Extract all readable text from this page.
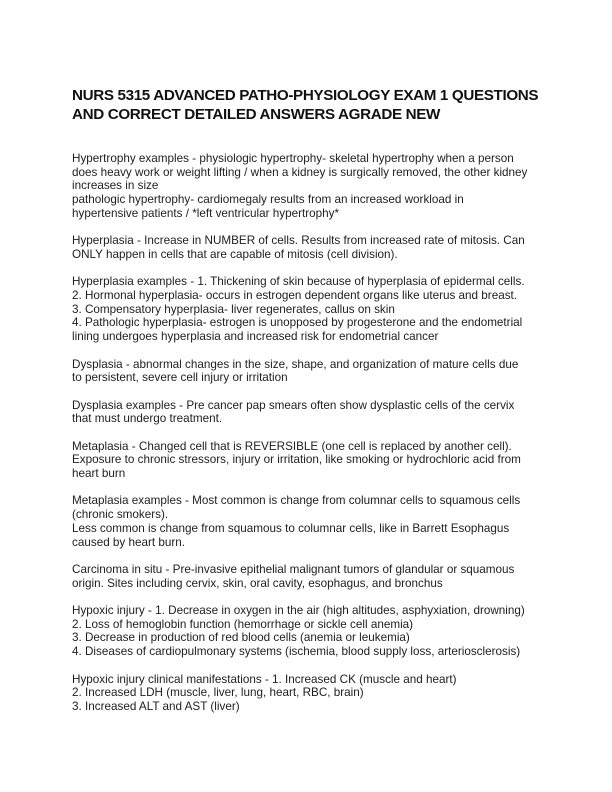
NURS 5315 ADVANCED PATHO-PHYSIOLOGY EXAM 1 QUESTIONS
AND CORRECT DETAILED ANSWERS AGRADE NEW

Hypertrophy examples - physiologic hypertrophy- skeletal hypertrophy when a person
does heavy work or weight lifting / when a kidney is surgically removed, the other kidney
increases in size
pathologic hypertrophy- cardiomegaly results from an increased workload in
hypertensive patients / *left ventricular hypertrophy*

Hyperplasia - Increase in NUMBER of cells. Results from increased rate of mitosis. Can
ONLY happen in cells that are capable of mitosis (cell division).

Hyperplasia examples - 1. Thickening of skin because of hyperplasia of epidermal cells.
2. Hormonal hyperplasia- occurs in estrogen dependent organs like uterus and breast.
3. Compensatory hyperplasia- liver regenerates, callus on skin
4. Pathologic hyperplasia- estrogen is unopposed by progesterone and the endometrial
lining undergoes hyperplasia and increased risk for endometrial cancer

Dysplasia - abnormal changes in the size, shape, and organization of mature cells due
to persistent, severe cell injury or irritation

Dysplasia examples - Pre cancer pap smears often show dysplastic cells of the cervix
that must undergo treatment.

Metaplasia - Changed cell that is REVERSIBLE (one cell is replaced by another cell).
Exposure to chronic stressors, injury or irritation, like smoking or hydrochloric acid from
heart burn

Metaplasia examples - Most common is change from columnar cells to squamous cells
(chronic smokers).
Less common is change from squamous to columnar cells, like in Barrett Esophagus
caused by heart burn.

Carcinoma in situ - Pre-invasive epithelial malignant tumors of glandular or squamous
origin. Sites including cervix, skin, oral cavity, esophagus, and bronchus

Hypoxic injury - 1. Decrease in oxygen in the air (high altitudes, asphyxiation, drowning)
2. Loss of hemoglobin function (hemorrhage or sickle cell anemia)
3. Decrease in production of red blood cells (anemia or leukemia)
4. Diseases of cardiopulmonary systems (ischemia, blood supply loss, arteriosclerosis)

Hypoxic injury clinical manifestations - 1. Increased CK (muscle and heart)
2. Increased LDH (muscle, liver, lung, heart, RBC, brain)
3. Increased ALT and AST (liver)
